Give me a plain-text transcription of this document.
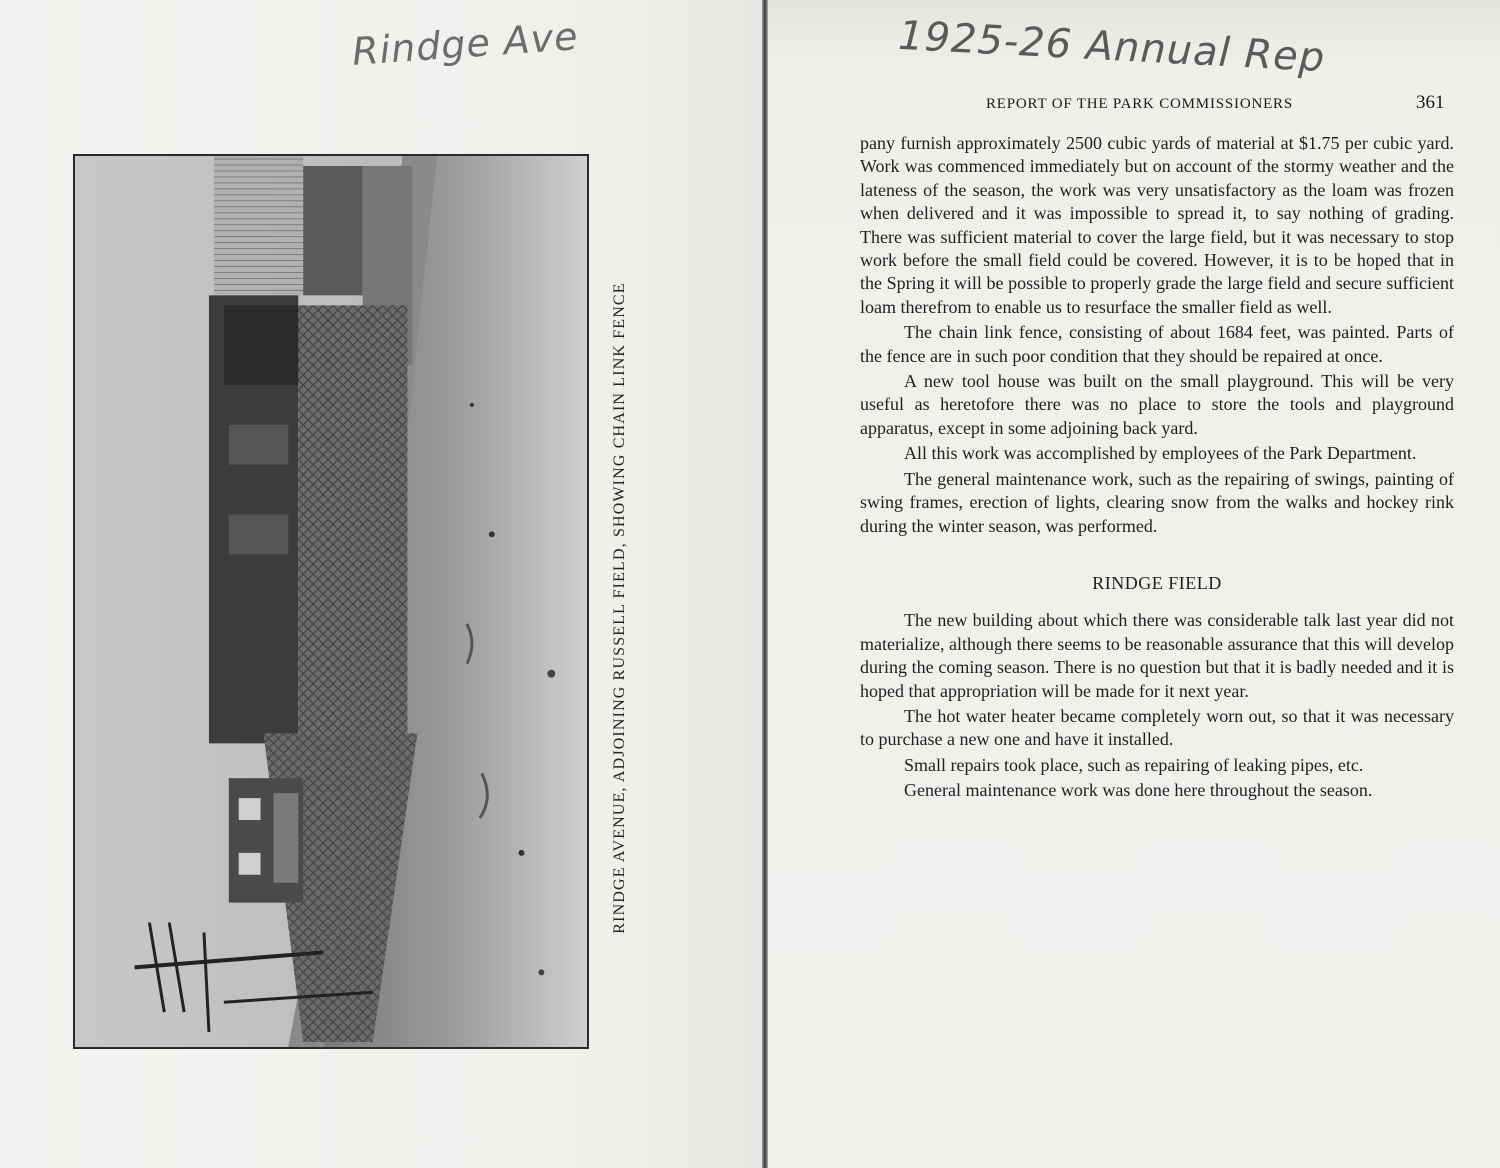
Rindge Ave
RINDGE AVENUE, ADJOINING RUSSELL FIELD, SHOWING CHAIN LINK FENCE
1925-26 Annual Rep
REPORT OF THE PARK COMMISSIONERS	361

pany furnish approximately 2500 cubic yards of material at $1.75 per cubic yard. Work was commenced immediately but on account of the stormy weather and the lateness of the season, the work was very unsatisfactory as the loam was frozen when delivered and it was impossible to spread it, to say nothing of grading. There was sufficient material to cover the large field, but it was necessary to stop work before the small field could be covered. However, it is to be hoped that in the Spring it will be possible to properly grade the large field and secure sufficient loam therefrom to enable us to resurface the smaller field as well.

The chain link fence, consisting of about 1684 feet, was painted. Parts of the fence are in such poor condition that they should be repaired at once.

A new tool house was built on the small playground. This will be very useful as heretofore there was no place to store the tools and playground apparatus, except in some adjoining back yard.

All this work was accomplished by employees of the Park Department.

The general maintenance work, such as the repairing of swings, painting of swing frames, erection of lights, clearing snow from the walks and hockey rink during the winter season, was performed.

RINDGE FIELD

The new building about which there was considerable talk last year did not materialize, although there seems to be reasonable assurance that this will develop during the coming season. There is no question but that it is badly needed and it is hoped that appropriation will be made for it next year.

The hot water heater became completely worn out, so that it was necessary to purchase a new one and have it installed.

Small repairs took place, such as repairing of leaking pipes, etc.

General maintenance work was done here throughout the season.
